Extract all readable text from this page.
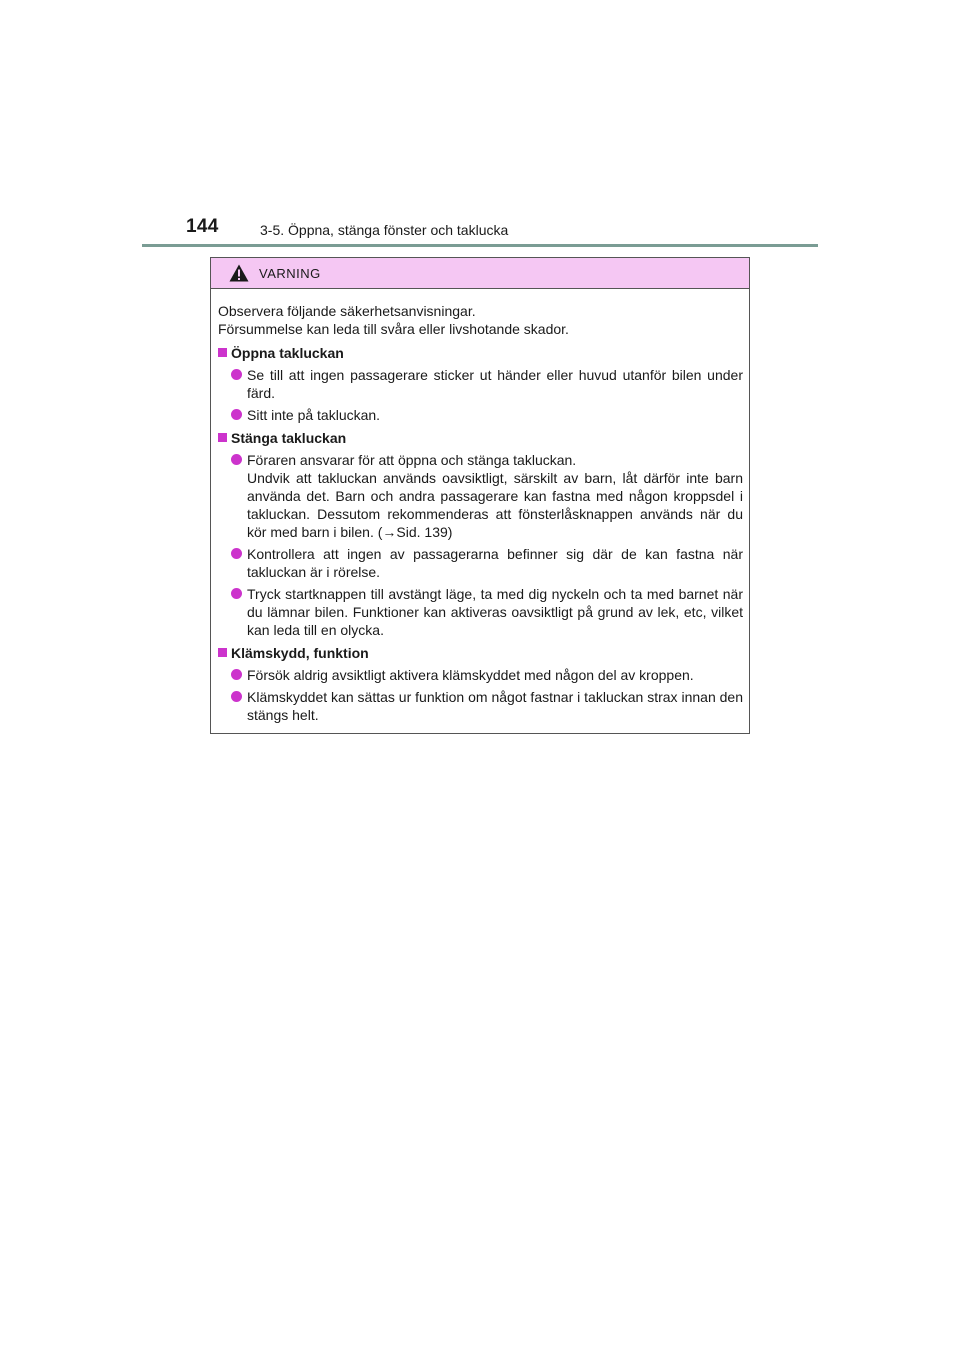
144	3-5. Öppna, stänga fönster och taklucka
VARNING

Observera följande säkerhetsanvisningar.

Försummelse kan leda till svåra eller livshotande skador.

Öppna takluckan

Se till att ingen passagerare sticker ut händer eller huvud utanför bilen under färd.

Sitt inte på takluckan.

Stänga takluckan

Föraren ansvarar för att öppna och stänga takluckan.

Undvik att takluckan används oavsiktligt, särskilt av barn, låt därför inte barn använda det. Barn och andra passagerare kan fastna med någon kroppsdel i takluckan. Dessutom rekommenderas att fönsterlåsknappen används när du kör med barn i bilen. (→Sid. 139)

Kontrollera att ingen av passagerarna befinner sig där de kan fastna när takluckan är i rörelse.

Tryck startknappen till avstängt läge, ta med dig nyckeln och ta med barnet när du lämnar bilen. Funktioner kan aktiveras oavsiktligt på grund av lek, etc, vilket kan leda till en olycka.

Klämskydd, funktion

Försök aldrig avsiktligt aktivera klämskyddet med någon del av kroppen.

Klämskyddet kan sättas ur funktion om något fastnar i takluckan strax innan den stängs helt.
